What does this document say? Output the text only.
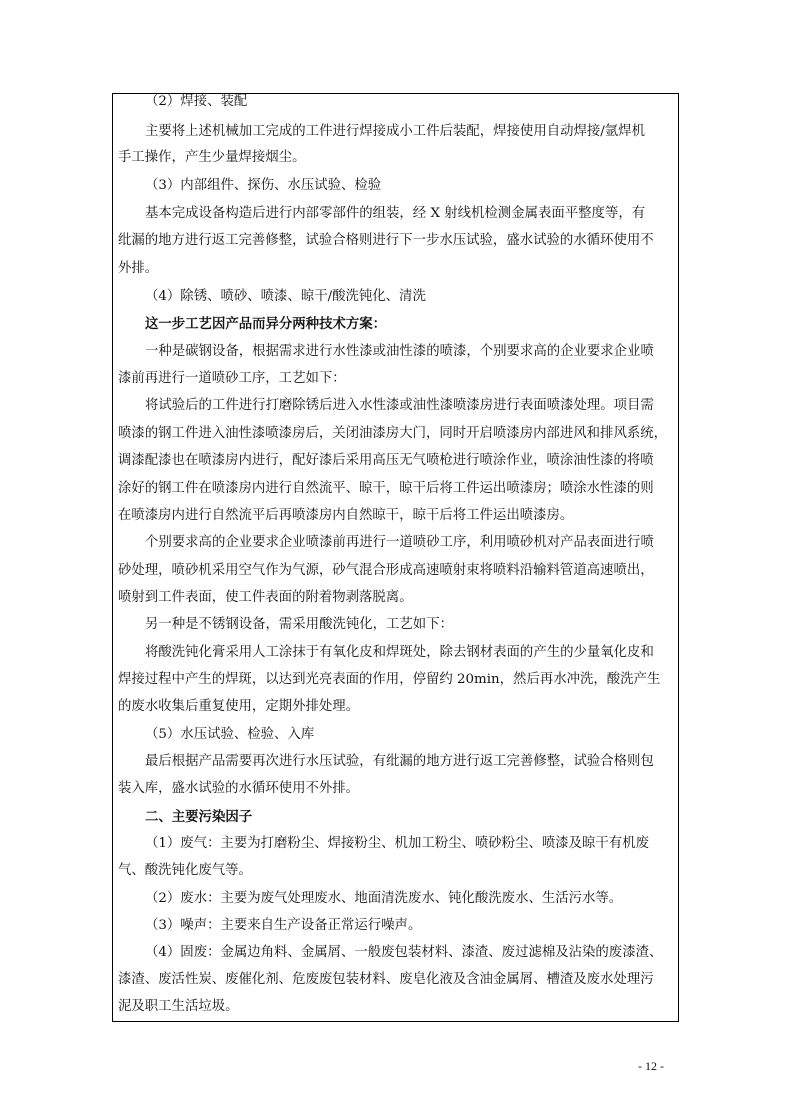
（2）焊接、装配
主要将上述机械加工完成的工件进行焊接成小工件后装配，焊接使用自动焊接/氩焊机
手工操作，产生少量焊接烟尘。
（3）内部组件、探伤、水压试验、检验
基本完成设备构造后进行内部零部件的组装，经 X 射线机检测金属表面平整度等，有
纰漏的地方进行返工完善修整，试验合格则进行下一步水压试验，盛水试验的水循环使用不
外排。
（4）除锈、喷砂、喷漆、晾干/酸洗钝化、清洗
这一步工艺因产品而异分两种技术方案：
一种是碳钢设备，根据需求进行水性漆或油性漆的喷漆，个别要求高的企业要求企业喷
漆前再进行一道喷砂工序，工艺如下：
将试验后的工件进行打磨除锈后进入水性漆或油性漆喷漆房进行表面喷漆处理。项目需
喷漆的钢工件进入油性漆喷漆房后，关闭油漆房大门，同时开启喷漆房内部进风和排风系统，
调漆配漆也在喷漆房内进行，配好漆后采用高压无气喷枪进行喷涂作业，喷涂油性漆的将喷
涂好的钢工件在喷漆房内进行自然流平、晾干，晾干后将工件运出喷漆房；喷涂水性漆的则
在喷漆房内进行自然流平后再喷漆房内自然晾干，晾干后将工件运出喷漆房。
个别要求高的企业要求企业喷漆前再进行一道喷砂工序，利用喷砂机对产品表面进行喷
砂处理，喷砂机采用空气作为气源，砂气混合形成高速喷射束将喷料沿输料管道高速喷出，
喷射到工件表面，使工件表面的附着物剥落脱离。
另一种是不锈钢设备，需采用酸洗钝化，工艺如下：
将酸洗钝化膏采用人工涂抹于有氧化皮和焊斑处，除去钢材表面的产生的少量氧化皮和
焊接过程中产生的焊斑，以达到光亮表面的作用，停留约 20min，然后再水冲洗，酸洗产生
的废水收集后重复使用，定期外排处理。
（5）水压试验、检验、入库
最后根据产品需要再次进行水压试验，有纰漏的地方进行返工完善修整，试验合格则包
装入库，盛水试验的水循环使用不外排。
二、主要污染因子
（1）废气：主要为打磨粉尘、焊接粉尘、机加工粉尘、喷砂粉尘、喷漆及晾干有机废
气、酸洗钝化废气等。
（2）废水：主要为废气处理废水、地面清洗废水、钝化酸洗废水、生活污水等。
（3）噪声：主要来自生产设备正常运行噪声。
（4）固废：金属边角料、金属屑、一般废包装材料、漆渣、废过滤棉及沾染的废漆渣、
漆渣、废活性炭、废催化剂、危废废包装材料、废皂化液及含油金属屑、槽渣及废水处理污
泥及职工生活垃圾。
- 12 -
